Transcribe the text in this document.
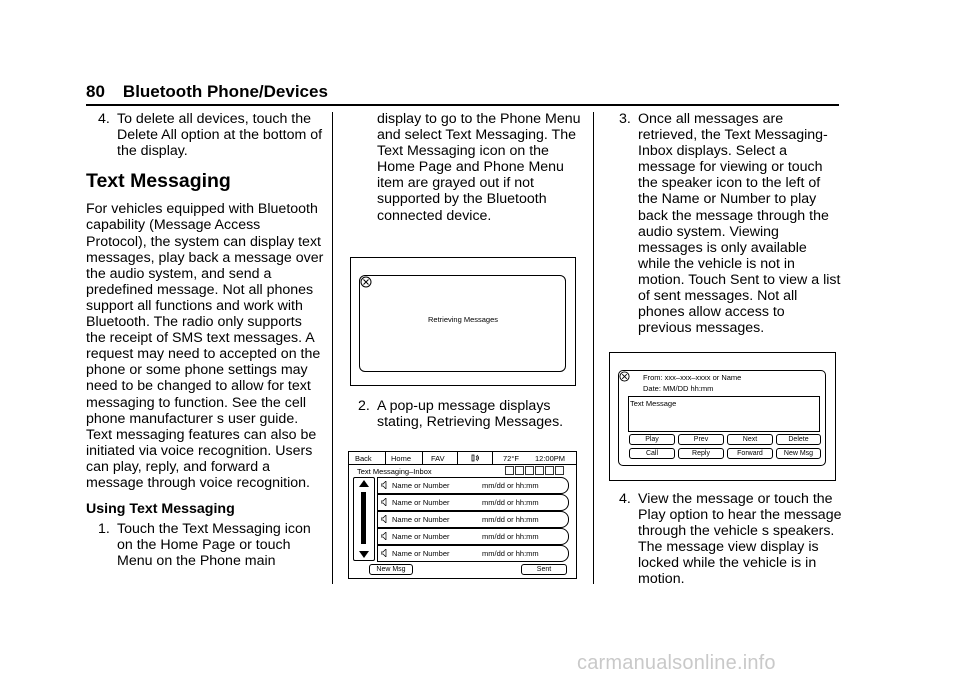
80 Bluetooth Phone/Devices
4. To delete all devices, touch the Delete All option at the bottom of the display.
Text Messaging
For vehicles equipped with Bluetooth capability (Message Access Protocol), the system can display text messages, play back a message over the audio system, and send a predefined message. Not all phones support all functions and work with Bluetooth. The radio only supports the receipt of SMS text messages. A request may need to accepted on the phone or some phone settings may need to be changed to allow for text messaging to function. See the cell phone manufacturer s user guide. Text messaging features can also be initiated via voice recognition. Users can play, reply, and forward a message through voice recognition.
Using Text Messaging
1. Touch the Text Messaging icon on the Home Page or touch Menu on the Phone main
display to go to the Phone Menu and select Text Messaging. The Text Messaging icon on the Home Page and Phone Menu item are grayed out if not supported by the Bluetooth connected device.
Retrieving Messages
2. A pop-up message displays stating, Retrieving Messages.
Back	Home	FAV	72°F 12:00PM
Text Messaging–Inbox
Name or Number	mm/dd or hh:mm
Name or Number	mm/dd or hh:mm
Name or Number	mm/dd or hh:mm
Name or Number	mm/dd or hh:mm
Name or Number	mm/dd or hh:mm
New Msg	Sent
3. Once all messages are retrieved, the Text Messaging-Inbox displays. Select a message for viewing or touch the speaker icon to the left of the Name or Number to play back the message through the audio system. Viewing messages is only available while the vehicle is not in motion. Touch Sent to view a list of sent messages. Not all phones allow access to previous messages.
From: xxx–xxx–xxxx or Name
Date: MM/DD hh:mm
Text Message
Play	Prev	Next	Delete
Call	Reply	Forward	New Msg
4. View the message or touch the Play option to hear the message through the vehicle s speakers. The message view display is locked while the vehicle is in motion.
carmanualsonline.info
